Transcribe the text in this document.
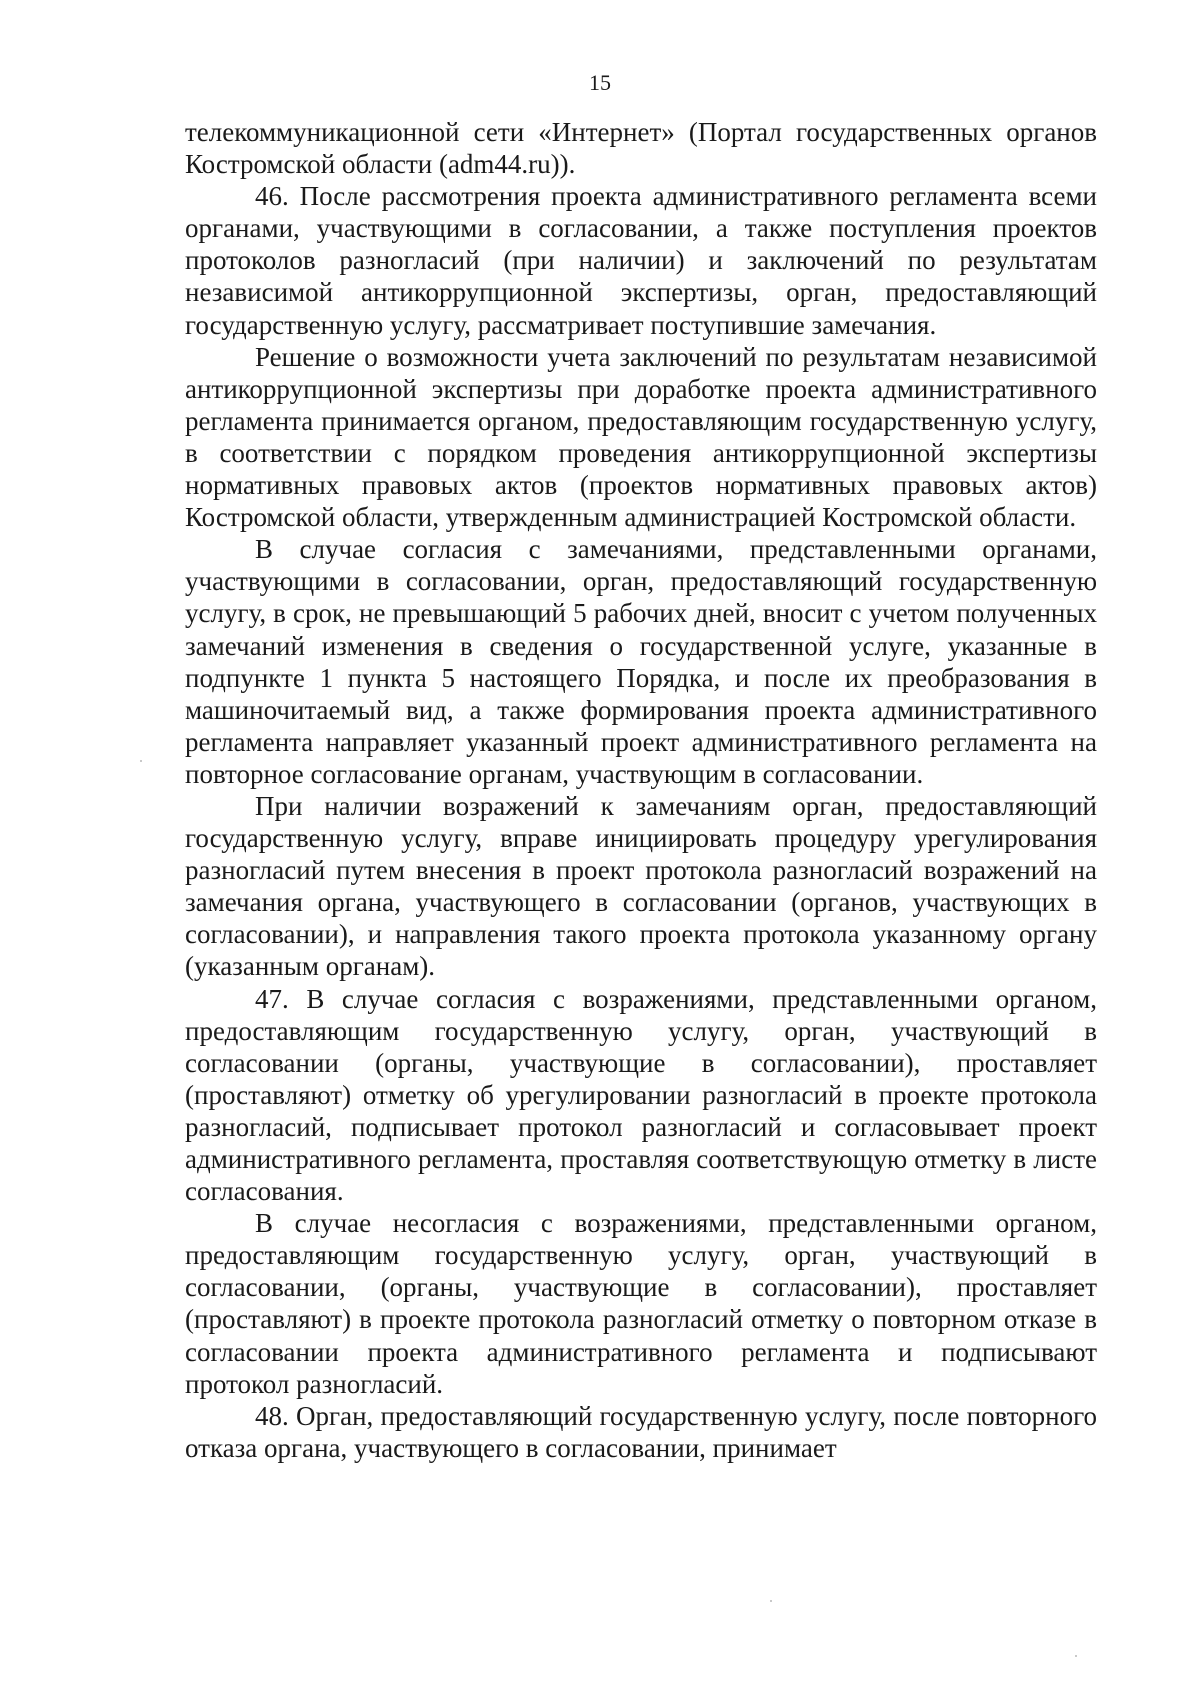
15

телекоммуникационной сети «Интернет» (Портал государственных органов Костромской области (adm44.ru)).

46. После рассмотрения проекта административного регламента всеми органами, участвующими в согласовании, а также поступления проектов протоколов разногласий (при наличии) и заключений по результатам независимой антикоррупционной экспертизы, орган, предоставляющий государственную услугу, рассматривает поступившие замечания.

Решение о возможности учета заключений по результатам независимой антикоррупционной экспертизы при доработке проекта административного регламента принимается органом, предоставляющим государственную услугу, в соответствии с порядком проведения антикоррупционной экспертизы нормативных правовых актов (проектов нормативных правовых актов) Костромской области, утвержденным администрацией Костромской области.

В случае согласия с замечаниями, представленными органами, участвующими в согласовании, орган, предоставляющий государственную услугу, в срок, не превышающий 5 рабочих дней, вносит с учетом полученных замечаний изменения в сведения о государственной услуге, указанные в подпункте 1 пункта 5 настоящего Порядка, и после их преобразования в машиночитаемый вид, а также формирования проекта административного регламента направляет указанный проект административного регламента на повторное согласование органам, участвующим в согласовании.

При наличии возражений к замечаниям орган, предоставляющий государственную услугу, вправе инициировать процедуру урегулирования разногласий путем внесения в проект протокола разногласий возражений на замечания органа, участвующего в согласовании (органов, участвующих в согласовании), и направления такого проекта протокола указанному органу (указанным органам).

47. В случае согласия с возражениями, представленными органом, предоставляющим государственную услугу, орган, участвующий в согласовании (органы, участвующие в согласовании), проставляет (проставляют) отметку об урегулировании разногласий в проекте протокола разногласий, подписывает протокол разногласий и согласовывает проект административного регламента, проставляя соответствующую отметку в листе согласования.

В случае несогласия с возражениями, представленными органом, предоставляющим государственную услугу, орган, участвующий в согласовании, (органы, участвующие в согласовании), проставляет (проставляют) в проекте протокола разногласий отметку о повторном отказе в согласовании проекта административного регламента и подписывают протокол разногласий.

48. Орган, предоставляющий государственную услугу, после повторного отказа органа, участвующего в согласовании, принимает
